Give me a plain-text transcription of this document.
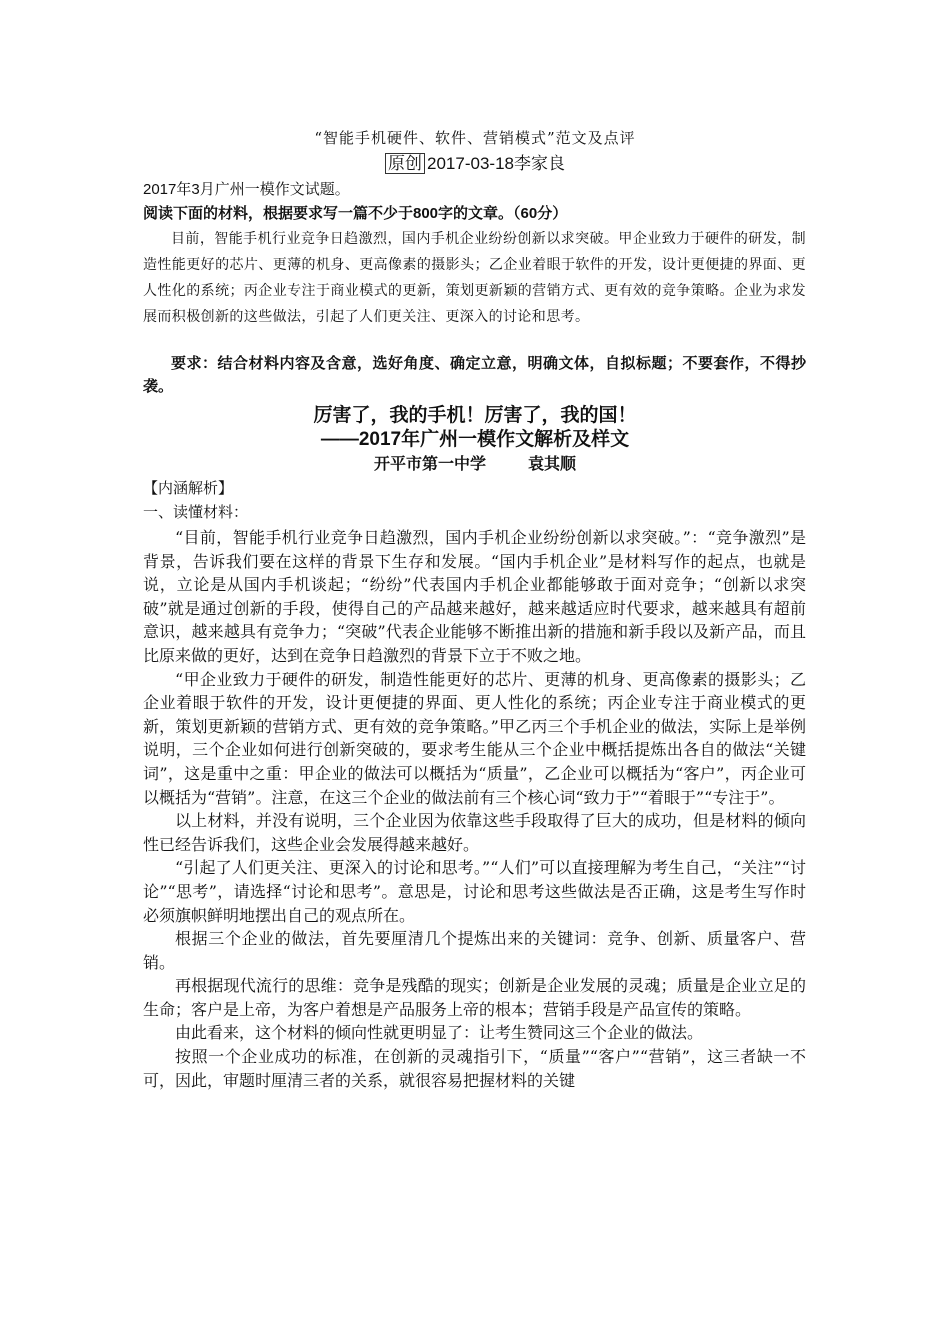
“智能手机硬件、软件、营销模式”范文及点评
原创 2017-03-18李家良
2017年3月广州一模作文试题。
阅读下面的材料，根据要求写一篇不少于800字的文章。（60分）
目前，智能手机行业竞争日趋激烈，国内手机企业纷纷创新以求突破。甲企业致力于硬件的研发，制造性能更好的芯片、更薄的机身、更高像素的摄影头；乙企业着眼于软件的开发，设计更便捷的界面、更人性化的系统；丙企业专注于商业模式的更新，策划更新颖的营销方式、更有效的竞争策略。企业为求发展而积极创新的这些做法，引起了人们更关注、更深入的讨论和思考。
要求：结合材料内容及含意，选好角度、确定立意，明确文体，自拟标题；不要套作，不得抄袭。
厉害了，我的手机！厉害了，我的国！
——2017年广州一模作文解析及样文
开平市第一中学	袁其顺
【内涵解析】
一、读懂材料：

“目前，智能手机行业竞争日趋激烈，国内手机企业纷纷创新以求突破。”：“竞争激烈”是背景，告诉我们要在这样的背景下生存和发展。“国内手机企业”是材料写作的起点，也就是说，立论是从国内手机谈起；“纷纷”代表国内手机企业都能够敢于面对竞争；“创新以求突破”就是通过创新的手段，使得自己的产品越来越好，越来越适应时代要求，越来越具有超前意识，越来越具有竞争力；“突破”代表企业能够不断推出新的措施和新手段以及新产品，而且比原来做的更好，达到在竞争日趋激烈的背景下立于不败之地。

“甲企业致力于硬件的研发，制造性能更好的芯片、更薄的机身、更高像素的摄影头；乙企业着眼于软件的开发，设计更便捷的界面、更人性化的系统；丙企业专注于商业模式的更新，策划更新颖的营销方式、更有效的竞争策略。”甲乙丙三个手机企业的做法，实际上是举例说明，三个企业如何进行创新突破的，要求考生能从三个企业中概括提炼出各自的做法“关键词”，这是重中之重：甲企业的做法可以概括为“质量”，乙企业可以概括为“客户”，丙企业可以概括为“营销”。注意，在这三个企业的做法前有三个核心词“致力于”“着眼于”“专注于”。

以上材料，并没有说明，三个企业因为依靠这些手段取得了巨大的成功，但是材料的倾向性已经告诉我们，这些企业会发展得越来越好。

“引起了人们更关注、更深入的讨论和思考。”“人们”可以直接理解为考生自己，“关注”“讨论”“思考”，请选择“讨论和思考”。意思是，讨论和思考这些做法是否正确，这是考生写作时必须旗帜鲜明地摆出自己的观点所在。

根据三个企业的做法，首先要厘清几个提炼出来的关键词：竞争、创新、质量客户、营销。

再根据现代流行的思维：竞争是残酷的现实；创新是企业发展的灵魂；质量是企业立足的生命；客户是上帝，为客户着想是产品服务上帝的根本；营销手段是产品宣传的策略。

由此看来，这个材料的倾向性就更明显了：让考生赞同这三个企业的做法。

按照一个企业成功的标准，在创新的灵魂指引下，“质量”“客户”“营销”，这三者缺一不可，因此，审题时厘清三者的关系，就很容易把握材料的关键
